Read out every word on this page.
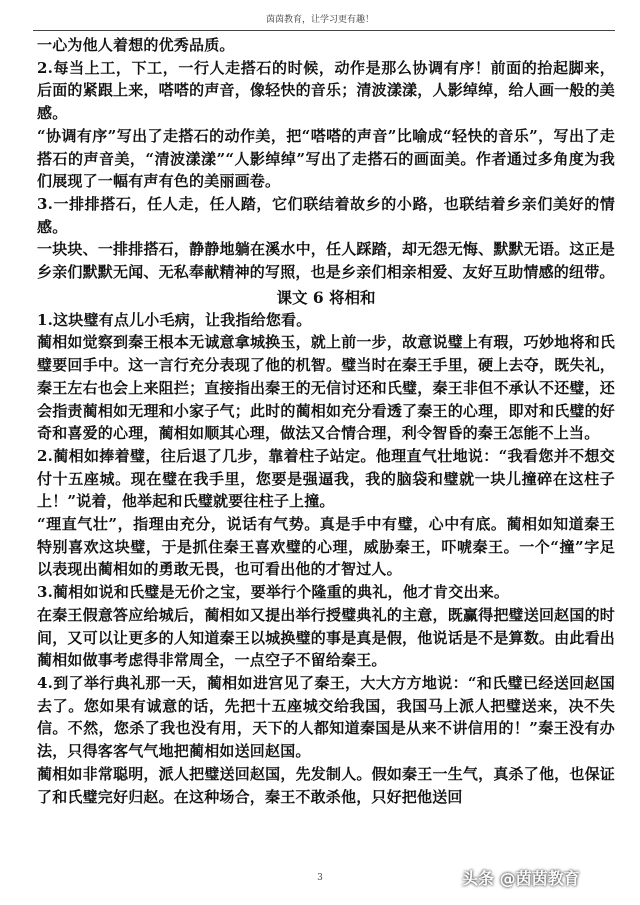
茵茵教育，让学习更有趣！

一心为他人着想的优秀品质。

2.每当上工，下工，一行人走搭石的时候，动作是那么协调有序！前面的抬起脚来，后面的紧跟上来，嗒嗒的声音，像轻快的音乐；清波漾漾，人影绰绰，给人画一般的美感。

“协调有序”写出了走搭石的动作美，把“嗒嗒的声音”比喻成“轻快的音乐”，写出了走搭石的声音美，“清波漾漾”“人影绰绰”写出了走搭石的画面美。作者通过多角度为我们展现了一幅有声有色的美丽画卷。

3.一排排搭石，任人走，任人踏，它们联结着故乡的小路，也联结着乡亲们美好的情感。

一块块、一排排搭石，静静地躺在溪水中，任人踩踏，却无怨无悔、默默无语。这正是乡亲们默默无闻、无私奉献精神的写照，也是乡亲们相亲相爱、友好互助情感的纽带。

课文 6 将相和

1.这块璧有点儿小毛病，让我指给您看。

蔺相如觉察到秦王根本无诚意拿城换玉，就上前一步，故意说璧上有瑕，巧妙地将和氏璧要回手中。这一言行充分表现了他的机智。璧当时在秦王手里，硬上去夺，既失礼，秦王左右也会上来阻拦；直接指出秦王的无信讨还和氏璧，秦王非但不承认不还璧，还会指责蔺相如无理和小家子气；此时的蔺相如充分看透了秦王的心理，即对和氏璧的好奇和喜爱的心理，蔺相如顺其心理，做法又合情合理，利令智昏的秦王怎能不上当。

2.蔺相如捧着璧，往后退了几步，靠着柱子站定。他理直气壮地说：“我看您并不想交付十五座城。现在璧在我手里，您要是强逼我，我的脑袋和璧就一块儿撞碎在这柱子上！”说着，他举起和氏璧就要往柱子上撞。

“理直气壮”，指理由充分，说话有气势。真是手中有璧，心中有底。蔺相如知道秦王特别喜欢这块璧，于是抓住秦王喜欢璧的心理，威胁秦王，吓唬秦王。一个“撞”字足以表现出蔺相如的勇敢无畏，也可看出他的才智过人。

3.蔺相如说和氏璧是无价之宝，要举行个隆重的典礼，他才肯交出来。

在秦王假意答应给城后，蔺相如又提出举行授璧典礼的主意，既赢得把璧送回赵国的时间，又可以让更多的人知道秦王以城换璧的事是真是假，他说话是不是算数。由此看出蔺相如做事考虑得非常周全，一点空子不留给秦王。

4.到了举行典礼那一天，蔺相如进宫见了秦王，大大方方地说：“和氏璧已经送回赵国去了。您如果有诚意的话，先把十五座城交给我国，我国马上派人把璧送来，决不失信。不然，您杀了我也没有用，天下的人都知道秦国是从来不讲信用的！”秦王没有办法，只得客客气气地把蔺相如送回赵国。

蔺相如非常聪明，派人把璧送回赵国，先发制人。假如秦王一生气，真杀了他，也保证了和氏璧完好归赵。在这种场合，秦王不敢杀他，只好把他送回

3	头条 @茵茵教育
